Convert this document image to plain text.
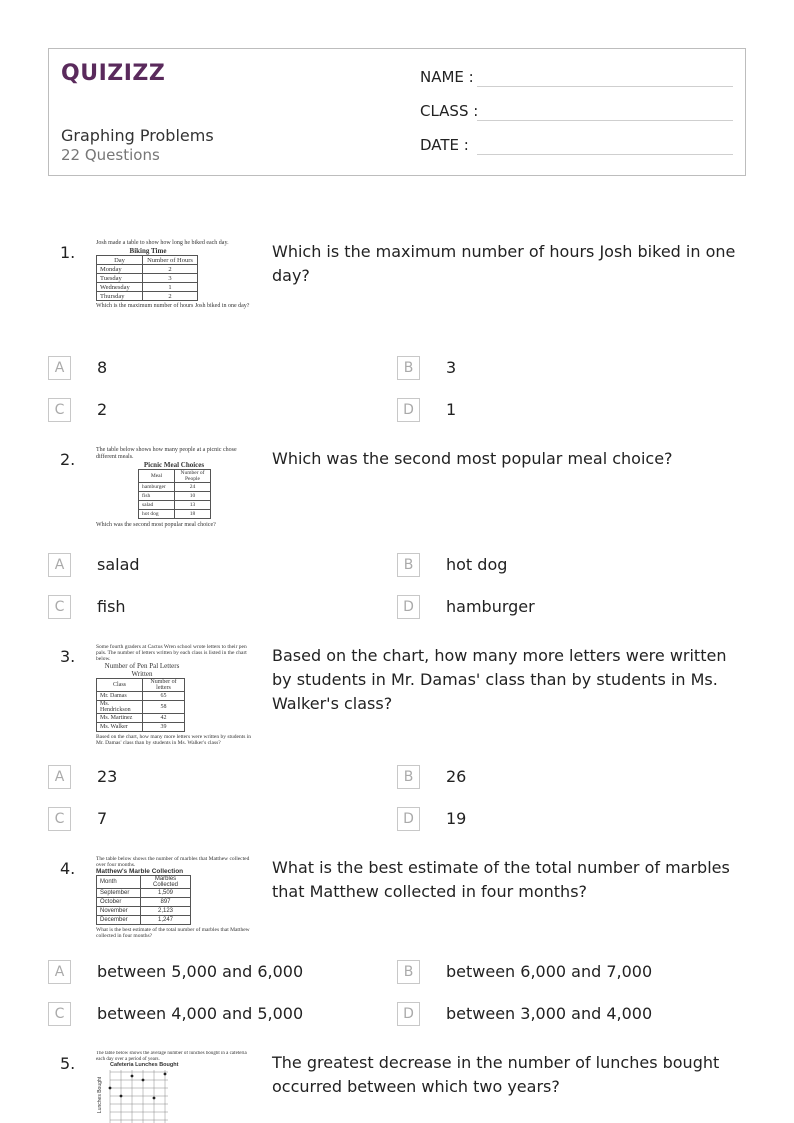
QUIZIZZ
Graphing Problems
22 Questions
NAME :
CLASS :
DATE :
1.	Josh made a table to show how long he biked each day.
Biking Time
Day	Number of Hours
Monday	2
Tuesday	3
Wednesday	1
Thursday	2
Which is the maximum number of hours Josh biked in one day?
Which is the maximum number of hours Josh biked in one day?
A	8	B	3
C	2	D	1
2.	The table below shows how many people at a picnic chose different meals.
Picnic Meal Choices
Meal	Number of People
hamburger	24
fish	10
salad	13
hot dog	18
Which was the second most popular meal choice?
Which was the second most popular meal choice?
A	salad	B	hot dog
C	fish	D	hamburger
3.	Some fourth graders at Cactus Wren school wrote letters to their pen pals. The number of letters written by each class is listed in the chart below.
Number of Pen Pal Letters Written
Class	Number of letters
Mr. Damas	65
Ms. Hendrickson	58
Ms. Martinez	42
Ms. Walker	39
Based on the chart, how many more letters were written by students in Mr. Damas' class than by students in Ms. Walker's class?
Based on the chart, how many more letters were written by students in Mr. Damas' class than by students in Ms. Walker's class?
A	23	B	26
C	7	D	19
4.	The table below shows the number of marbles that Matthew collected over four months.
Matthew's Marble Collection
Month	Marbles Collected
September	1,509
October	897
November	2,123
December	1,247
What is the best estimate of the total number of marbles that Matthew collected in four months?
What is the best estimate of the total number of marbles that Matthew collected in four months?
A	between 5,000 and 6,000	B	between 6,000 and 7,000
C	between 4,000 and 5,000	D	between 3,000 and 4,000
5.
The table below shows the average number of lunches bought in a cafeteria each day over a period of years.
Cafeteria Lunches Bought
Lunches Bought
The greatest decrease in the number of lunches bought occurred between which two years?
